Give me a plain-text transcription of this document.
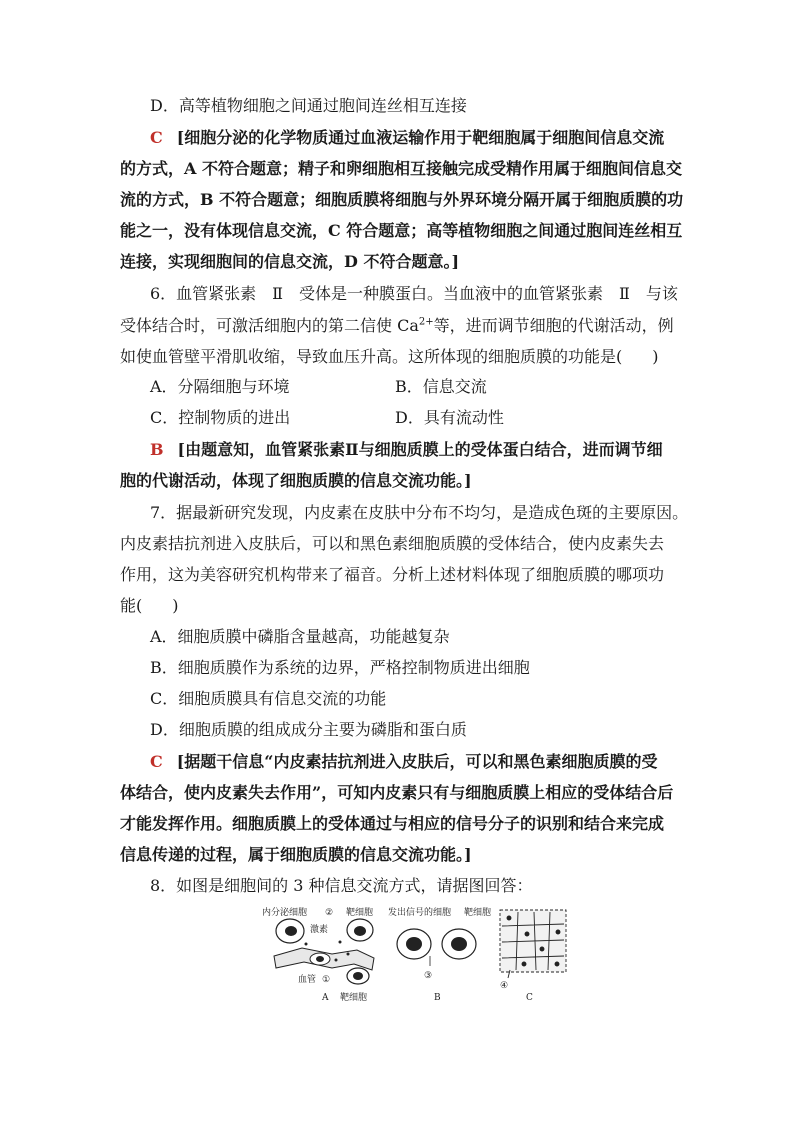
D．高等植物细胞之间通过胞间连丝相互连接
C [细胞分泌的化学物质通过血液运输作用于靶细胞属于细胞间信息交流
的方式，A 不符合题意；精子和卵细胞相互接触完成受精作用属于细胞间信息交
流的方式，B 不符合题意；细胞质膜将细胞与外界环境分隔开属于细胞质膜的功
能之一，没有体现信息交流，C 符合题意；高等植物细胞之间通过胞间连丝相互
连接，实现细胞间的信息交流，D 不符合题意。]
6．血管紧张素　Ⅱ　受体是一种膜蛋白。当血液中的血管紧张素　Ⅱ　与该
受体结合时，可激活细胞内的第二信使 $Ca^{2+}$等，进而调节细胞的代谢活动，例
如使血管壁平滑肌收缩，导致血压升高。这所体现的细胞质膜的功能是( )
A．分隔细胞与环境	B．信息交流
C．控制物质的进出	D．具有流动性
B [由题意知，血管紧张素Ⅱ与细胞质膜上的受体蛋白结合，进而调节细
胞的代谢活动，体现了细胞质膜的信息交流功能。]
7．据最新研究发现，内皮素在皮肤中分布不均匀，是造成色斑的主要原因。
内皮素拮抗剂进入皮肤后，可以和黑色素细胞质膜的受体结合，使内皮素失去
作用，这为美容研究机构带来了福音。分析上述材料体现了细胞质膜的哪项功
能( )
A．细胞质膜中磷脂含量越高，功能越复杂
B．细胞质膜作为系统的边界，严格控制物质进出细胞
C．细胞质膜具有信息交流的功能
D．细胞质膜的组成成分主要为磷脂和蛋白质
C [据题干信息“内皮素拮抗剂进入皮肤后，可以和黑色素细胞质膜的受
体结合，使内皮素失去作用”，可知内皮素只有与细胞质膜上相应的受体结合后
才能发挥作用。细胞质膜上的受体通过与相应的信号分子的识别和结合来完成
信息传递的过程，属于细胞质膜的信息交流功能。]
8．如图是细胞间的 3 种信息交流方式，请据图回答：
内分泌细胞 ② 靶细胞
激素
血管 ①
A 靶细胞
发出信号的细胞 靶细胞
③
B
④
C
